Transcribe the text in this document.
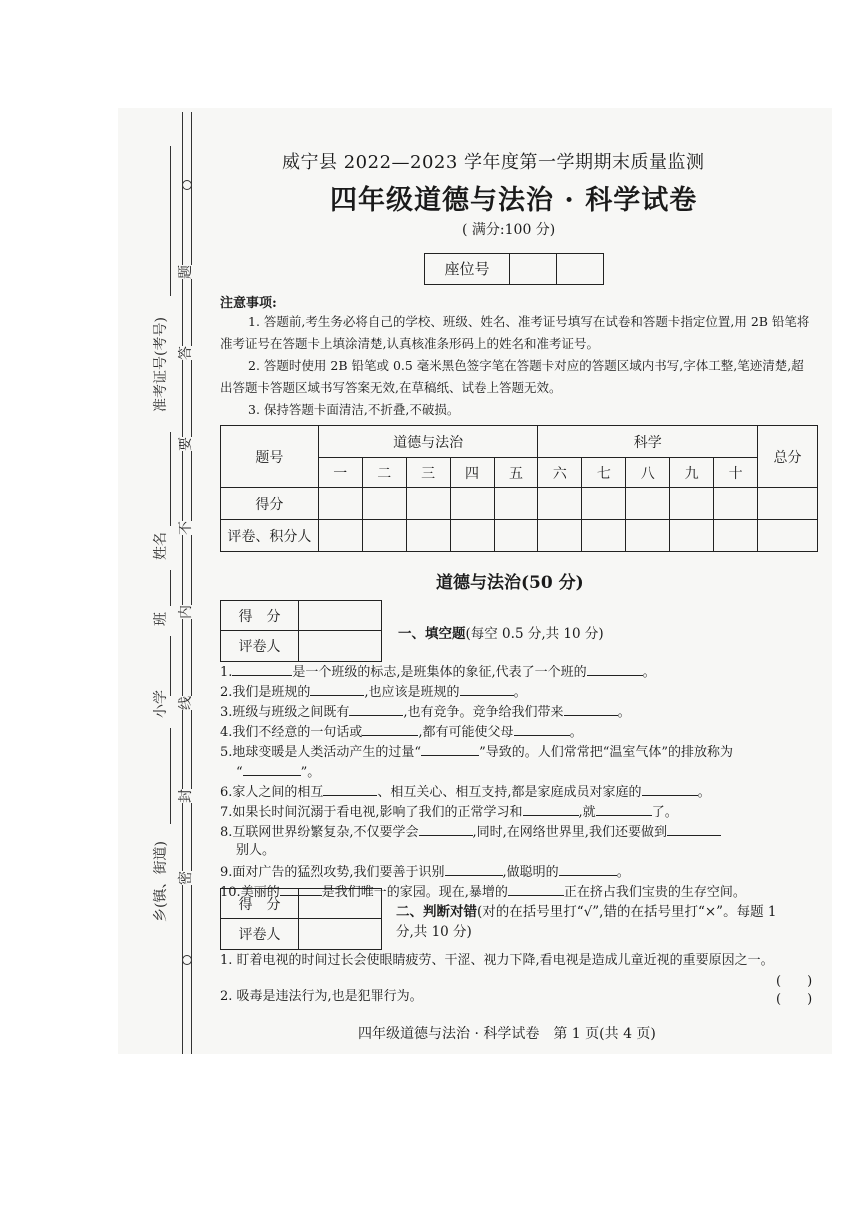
题
答
要
不
内
线
封
密
准考证号(考号)
姓名
班
小学
乡(镇、街道)
威宁县 2022—2023 学年度第一学期期末质量监测
四年级道德与法治 · 科学试卷
( 满分:100 分)
座位号
注意事项:

1. 答题前,考生务必将自己的学校、班级、姓名、准考证号填写在试卷和答题卡指定位置,用 2B 铅笔将准考证号在答题卡上填涂清楚,认真核准条形码上的姓名和准考证号。

2. 答题时使用 2B 铅笔或 0.5 毫米黑色签字笔在答题卡对应的答题区域内书写,字体工整,笔迹清楚,超出答题卡答题区域书写答案无效,在草稿纸、试卷上答题无效。

3. 保持答题卡面清洁,不折叠,不破损。

题号	道德与法治					科学					总分
	一	二	三	四	五	六	七	八	九	十	
得分											
评卷、积分人											
道德与法治(50 分)
得　分
评卷人
一、填空题(每空 0.5 分,共 10 分)
1.	是一个班级的标志,是班集体的象征,代表了一个班的	。
2.我们是班规的	,也应该是班规的	。
3.班级与班级之间既有	,也有竞争。竞争给我们带来	。
4.我们不经意的一句话或	,都有可能使父母	。
5.地球变暖是人类活动产生的过量“	”导致的。人们常常把“温室气体”的排放称为
“	”。
6.家人之间的相互	、相互关心、相互支持,都是家庭成员对家庭的	。
7.如果长时间沉溺于看电视,影响了我们的正常学习和	,就	了。
8.互联网世界纷繁复杂,不仅要学会	,同时,在网络世界里,我们还要做到
别人。
9.面对广告的猛烈攻势,我们要善于识别	,做聪明的	。
10.美丽的	是我们唯一的家园。现在,暴增的	正在挤占我们宝贵的生存空间。
得　分
评卷人
二、判断对错(对的在括号里打“√”,错的在括号里打“×”。每题 1
分,共 10 分)
1. 盯着电视的时间过长会使眼睛疲劳、干涩、视力下降,看电视是造成儿童近视的重要原因之一。
(　　)
2. 吸毒是违法行为,也是犯罪行为。	(　　)
四年级道德与法治 · 科学试卷　第 1 页(共 4 页)
